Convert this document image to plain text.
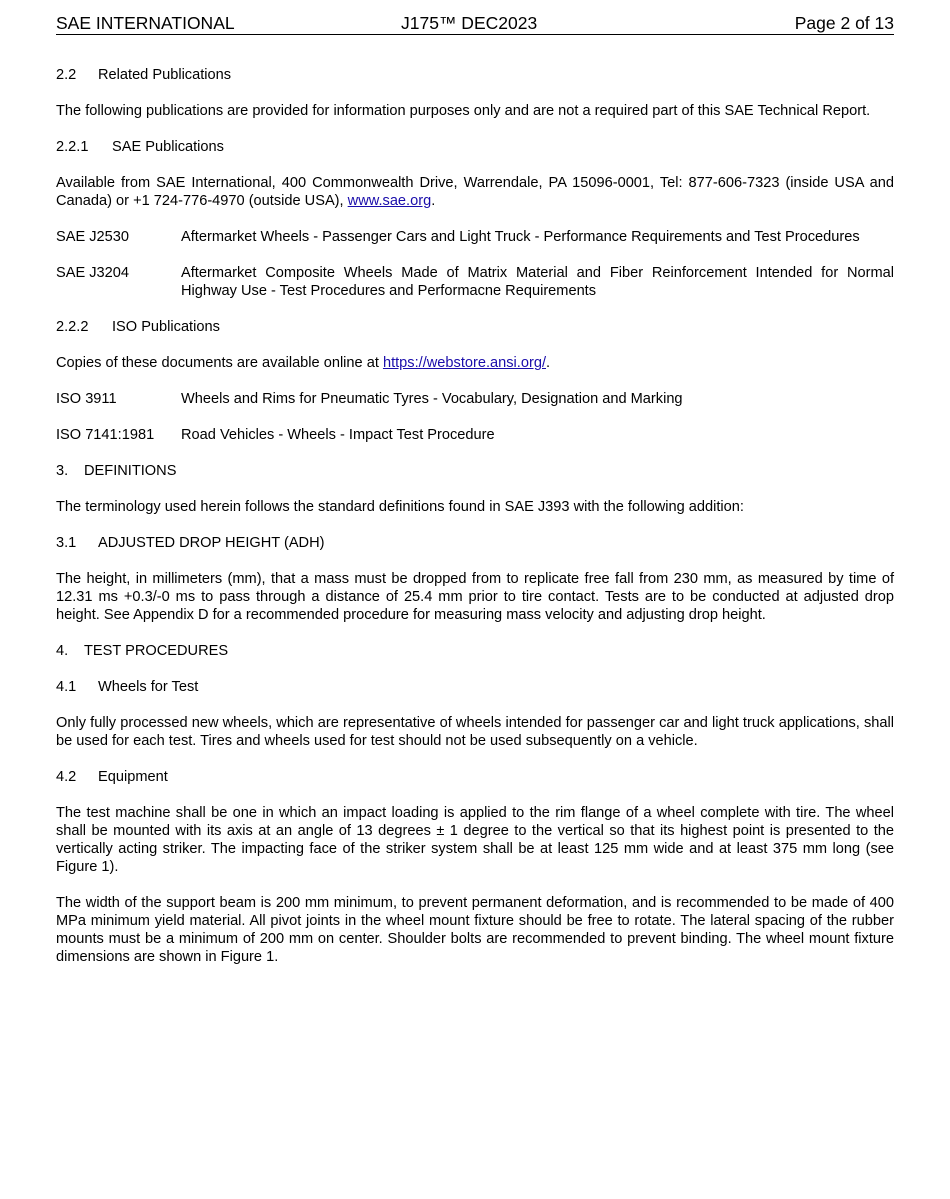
SAE INTERNATIONAL	J175™ DEC2023	Page 2 of 13
2.2 Related Publications
The following publications are provided for information purposes only and are not a required part of this SAE Technical Report.
2.2.1 SAE Publications
Available from SAE International, 400 Commonwealth Drive, Warrendale, PA 15096-0001, Tel: 877-606-7323 (inside USA and Canada) or +1 724-776-4970 (outside USA), www.sae.org.
SAE J2530	Aftermarket Wheels - Passenger Cars and Light Truck - Performance Requirements and Test Procedures
SAE J3204	Aftermarket Composite Wheels Made of Matrix Material and Fiber Reinforcement Intended for Normal Highway Use - Test Procedures and Performacne Requirements
2.2.2 ISO Publications
Copies of these documents are available online at https://webstore.ansi.org/.
ISO 3911	Wheels and Rims for Pneumatic Tyres - Vocabulary, Designation and Marking
ISO 7141:1981	Road Vehicles - Wheels - Impact Test Procedure
3. DEFINITIONS
The terminology used herein follows the standard definitions found in SAE J393 with the following addition:
3.1 ADJUSTED DROP HEIGHT (ADH)
The height, in millimeters (mm), that a mass must be dropped from to replicate free fall from 230 mm, as measured by time of 12.31 ms +0.3/-0 ms to pass through a distance of 25.4 mm prior to tire contact. Tests are to be conducted at adjusted drop height. See Appendix D for a recommended procedure for measuring mass velocity and adjusting drop height.
4. TEST PROCEDURES
4.1 Wheels for Test
Only fully processed new wheels, which are representative of wheels intended for passenger car and light truck applications, shall be used for each test. Tires and wheels used for test should not be used subsequently on a vehicle.
4.2 Equipment
The test machine shall be one in which an impact loading is applied to the rim flange of a wheel complete with tire. The wheel shall be mounted with its axis at an angle of 13 degrees ± 1 degree to the vertical so that its highest point is presented to the vertically acting striker. The impacting face of the striker system shall be at least 125 mm wide and at least 375 mm long (see Figure 1).
The width of the support beam is 200 mm minimum, to prevent permanent deformation, and is recommended to be made of 400 MPa minimum yield material. All pivot joints in the wheel mount fixture should be free to rotate. The lateral spacing of the rubber mounts must be a minimum of 200 mm on center. Shoulder bolts are recommended to prevent binding. The wheel mount fixture dimensions are shown in Figure 1.
